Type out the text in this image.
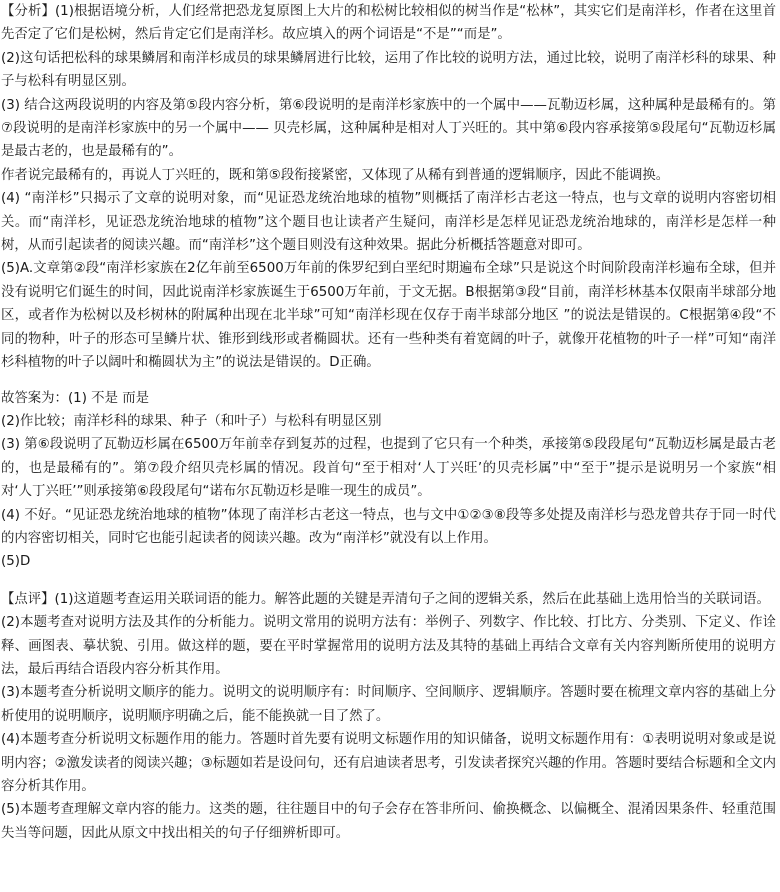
【分析】(1)根据语境分析，人们经常把恐龙复原图上大片的和松树比较相似的树当作是“松林”，其实它们是南洋杉，作者在这里首先否定了它们是松树，然后肯定它们是南洋杉。故应填入的两个词语是“不是”“而是”。

(2)这句话把松科的球果鳞屑和南洋杉成员的球果鳞屑进行比较，运用了作比较的说明方法，通过比较，说明了南洋杉科的球果、种子与松科有明显区别。

(3) 结合这两段说明的内容及第⑤段内容分析，第⑥段说明的是南洋杉家族中的一个属中——瓦勒迈杉属，这种属种是最稀有的。第⑦段说明的是南洋杉家族中的另一个属中—— 贝壳杉属，这种属种是相对人丁兴旺的。其中第⑥段内容承接第⑤段尾句“瓦勒迈杉属是最古老的，也是最稀有的”。

作者说完最稀有的，再说人丁兴旺的，既和第⑤段衔接紧密，又体现了从稀有到普通的逻辑顺序，因此不能调换。

(4) “南洋杉”只揭示了文章的说明对象，而“见证恐龙统治地球的植物”则概括了南洋杉古老这一特点，也与文章的说明内容密切相关。而“南洋杉，见证恐龙统治地球的植物”这个题目也让读者产生疑问，南洋杉是怎样见证恐龙统治地球的，南洋杉是怎样一种树，从而引起读者的阅读兴趣。而“南洋杉”这个题目则没有这种效果。据此分析概括答题意对即可。

(5)A.文章第②段“南洋杉家族在2亿年前至6500万年前的侏罗纪到白垩纪时期遍布全球”只是说这个时间阶段南洋杉遍布全球，但并没有说明它们诞生的时间，因此说南洋杉家族诞生于6500万年前，于文无据。B根据第③段“目前，南洋杉林基本仅限南半球部分地区，或者作为松树以及杉树林的附属种出现在北半球”可知“南洋杉现在仅存于南半球部分地区 ”的说法是错误的。C根据第④段“不同的物种，叶子的形态可呈鳞片状、锥形到线形或者椭圆状。还有一些种类有着宽阔的叶子，就像开花植物的叶子一样”可知“南洋杉科植物的叶子以阔叶和椭圆状为主”的说法是错误的。D正确。

故答案为：(1) 不是 而是

(2)作比较；南洋杉科的球果、种子（和叶子）与松科有明显区别

(3) 第⑥段说明了瓦勒迈杉属在6500万年前幸存到复苏的过程，也提到了它只有一个种类，承接第⑤段段尾句“瓦勒迈杉属是最古老的，也是最稀有的”。第⑦段介绍贝壳杉属的情况。段首句“至于相对‘人丁兴旺’的贝壳杉属”中“至于”提示是说明另一个家族“相对‘人丁兴旺’”则承接第⑥段段尾句“诺布尔瓦勒迈杉是唯一现生的成员”。

(4) 不好。“见证恐龙统治地球的植物”体现了南洋杉古老这一特点，也与文中①②③⑧段等多处提及南洋杉与恐龙曾共存于同一时代的内容密切相关，同时它也能引起读者的阅读兴趣。改为“南洋杉”就没有以上作用。

(5)D

【点评】(1)这道题考查运用关联词语的能力。解答此题的关键是弄清句子之间的逻辑关系，然后在此基础上选用恰当的关联词语。

(2)本题考查对说明方法及其作的分析能力。说明文常用的说明方法有：举例子、列数字、作比较、打比方、分类别、下定义、作诠释、画图表、摹状貌、引用。做这样的题，要在平时掌握常用的说明方法及其特的基础上再结合文章有关内容判断所使用的说明方法，最后再结合语段内容分析其作用。

(3)本题考查分析说明文顺序的能力。说明文的说明顺序有：时间顺序、空间顺序、逻辑顺序。答题时要在梳理文章内容的基础上分析使用的说明顺序，说明顺序明确之后，能不能换就一目了然了。

(4)本题考查分析说明文标题作用的能力。答题时首先要有说明文标题作用的知识储备，说明文标题作用有：①表明说明对象或是说明内容；②激发读者的阅读兴趣；③标题如若是设问句，还有启迪读者思考，引发读者探究兴趣的作用。答题时要结合标题和全文内容分析其作用。

(5)本题考查理解文章内容的能力。这类的题，往往题目中的句子会存在答非所问、偷换概念、以偏概全、混淆因果条件、轻重范围失当等问题，因此从原文中找出相关的句子仔细辨析即可。
